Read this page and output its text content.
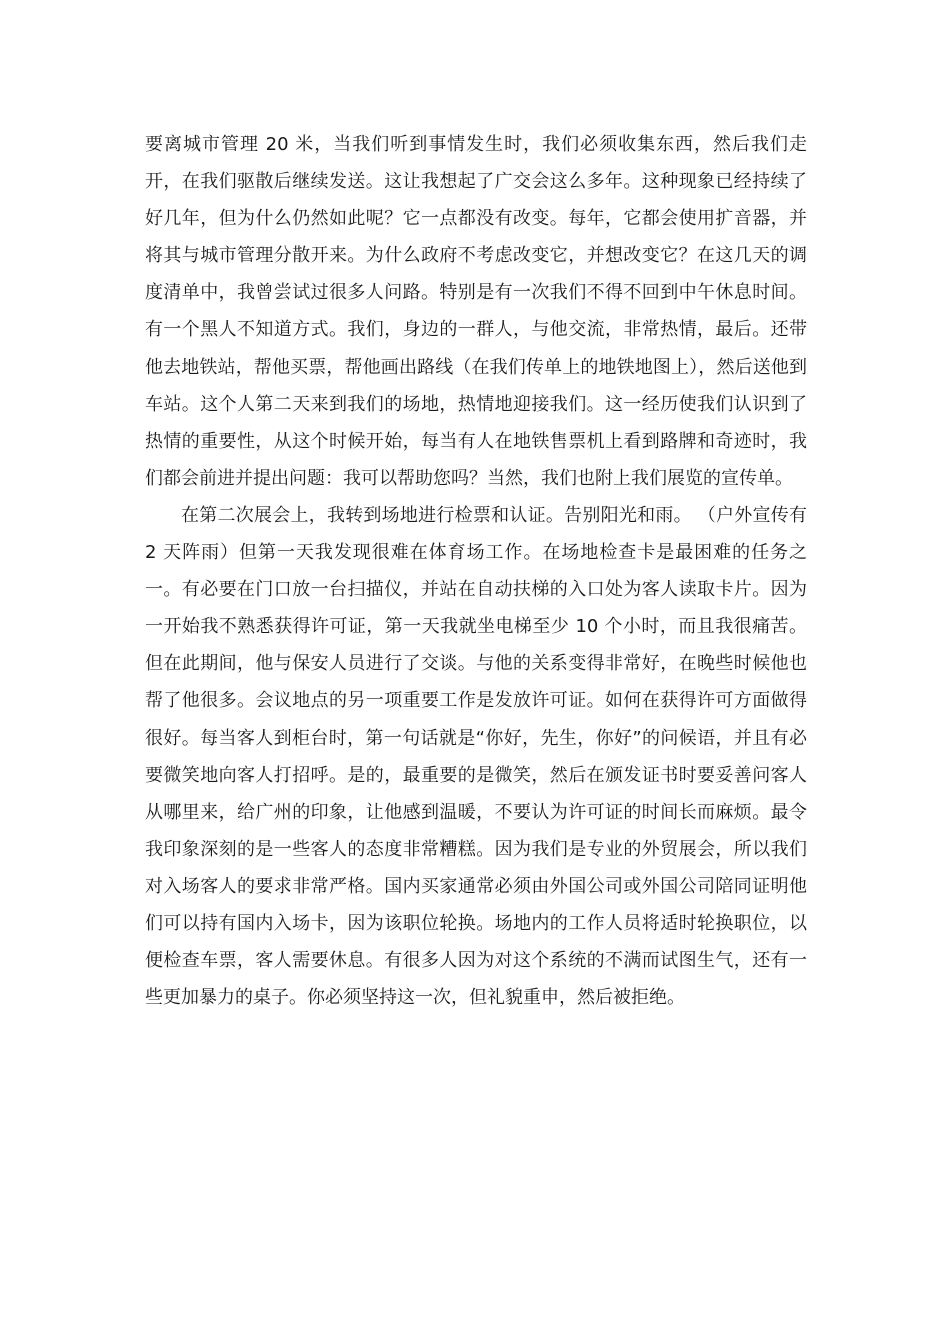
要离城市管理 20 米，当我们听到事情发生时，我们必须收集东西，然后我们走开，在我们驱散后继续发送。这让我想起了广交会这么多年。这种现象已经持续了好几年，但为什么仍然如此呢？它一点都没有改变。每年，它都会使用扩音器，并将其与城市管理分散开来。为什么政府不考虑改变它，并想改变它？在这几天的调度清单中，我曾尝试过很多人问路。特别是有一次我们不得不回到中午休息时间。有一个黑人不知道方式。我们，身边的一群人，与他交流，非常热情，最后。还带他去地铁站，帮他买票，帮他画出路线（在我们传单上的地铁地图上），然后送他到车站。这个人第二天来到我们的场地，热情地迎接我们。这一经历使我们认识到了热情的重要性，从这个时候开始，每当有人在地铁售票机上看到路牌和奇迹时，我们都会前进并提出问题：我可以帮助您吗？当然，我们也附上我们展览的宣传单。

在第二次展会上，我转到场地进行检票和认证。告别阳光和雨。 （户外宣传有 2 天阵雨）但第一天我发现很难在体育场工作。在场地检查卡是最困难的任务之一。有必要在门口放一台扫描仪，并站在自动扶梯的入口处为客人读取卡片。因为一开始我不熟悉获得许可证，第一天我就坐电梯至少 10 个小时，而且我很痛苦。但在此期间，他与保安人员进行了交谈。与他的关系变得非常好，在晚些时候他也帮了他很多。会议地点的另一项重要工作是发放许可证。如何在获得许可方面做得很好。每当客人到柜台时，第一句话就是“你好，先生，你好”的问候语，并且有必要微笑地向客人打招呼。是的，最重要的是微笑，然后在颁发证书时要妥善问客人从哪里来，给广州的印象，让他感到温暖，不要认为许可证的时间长而麻烦。最令我印象深刻的是一些客人的态度非常糟糕。因为我们是专业的外贸展会，所以我们对入场客人的要求非常严格。国内买家通常必须由外国公司或外国公司陪同证明他们可以持有国内入场卡，因为该职位轮换。场地内的工作人员将适时轮换职位，以便检查车票，客人需要休息。有很多人因为对这个系统的不满而试图生气，还有一些更加暴力的桌子。你必须坚持这一次，但礼貌重申，然后被拒绝。
